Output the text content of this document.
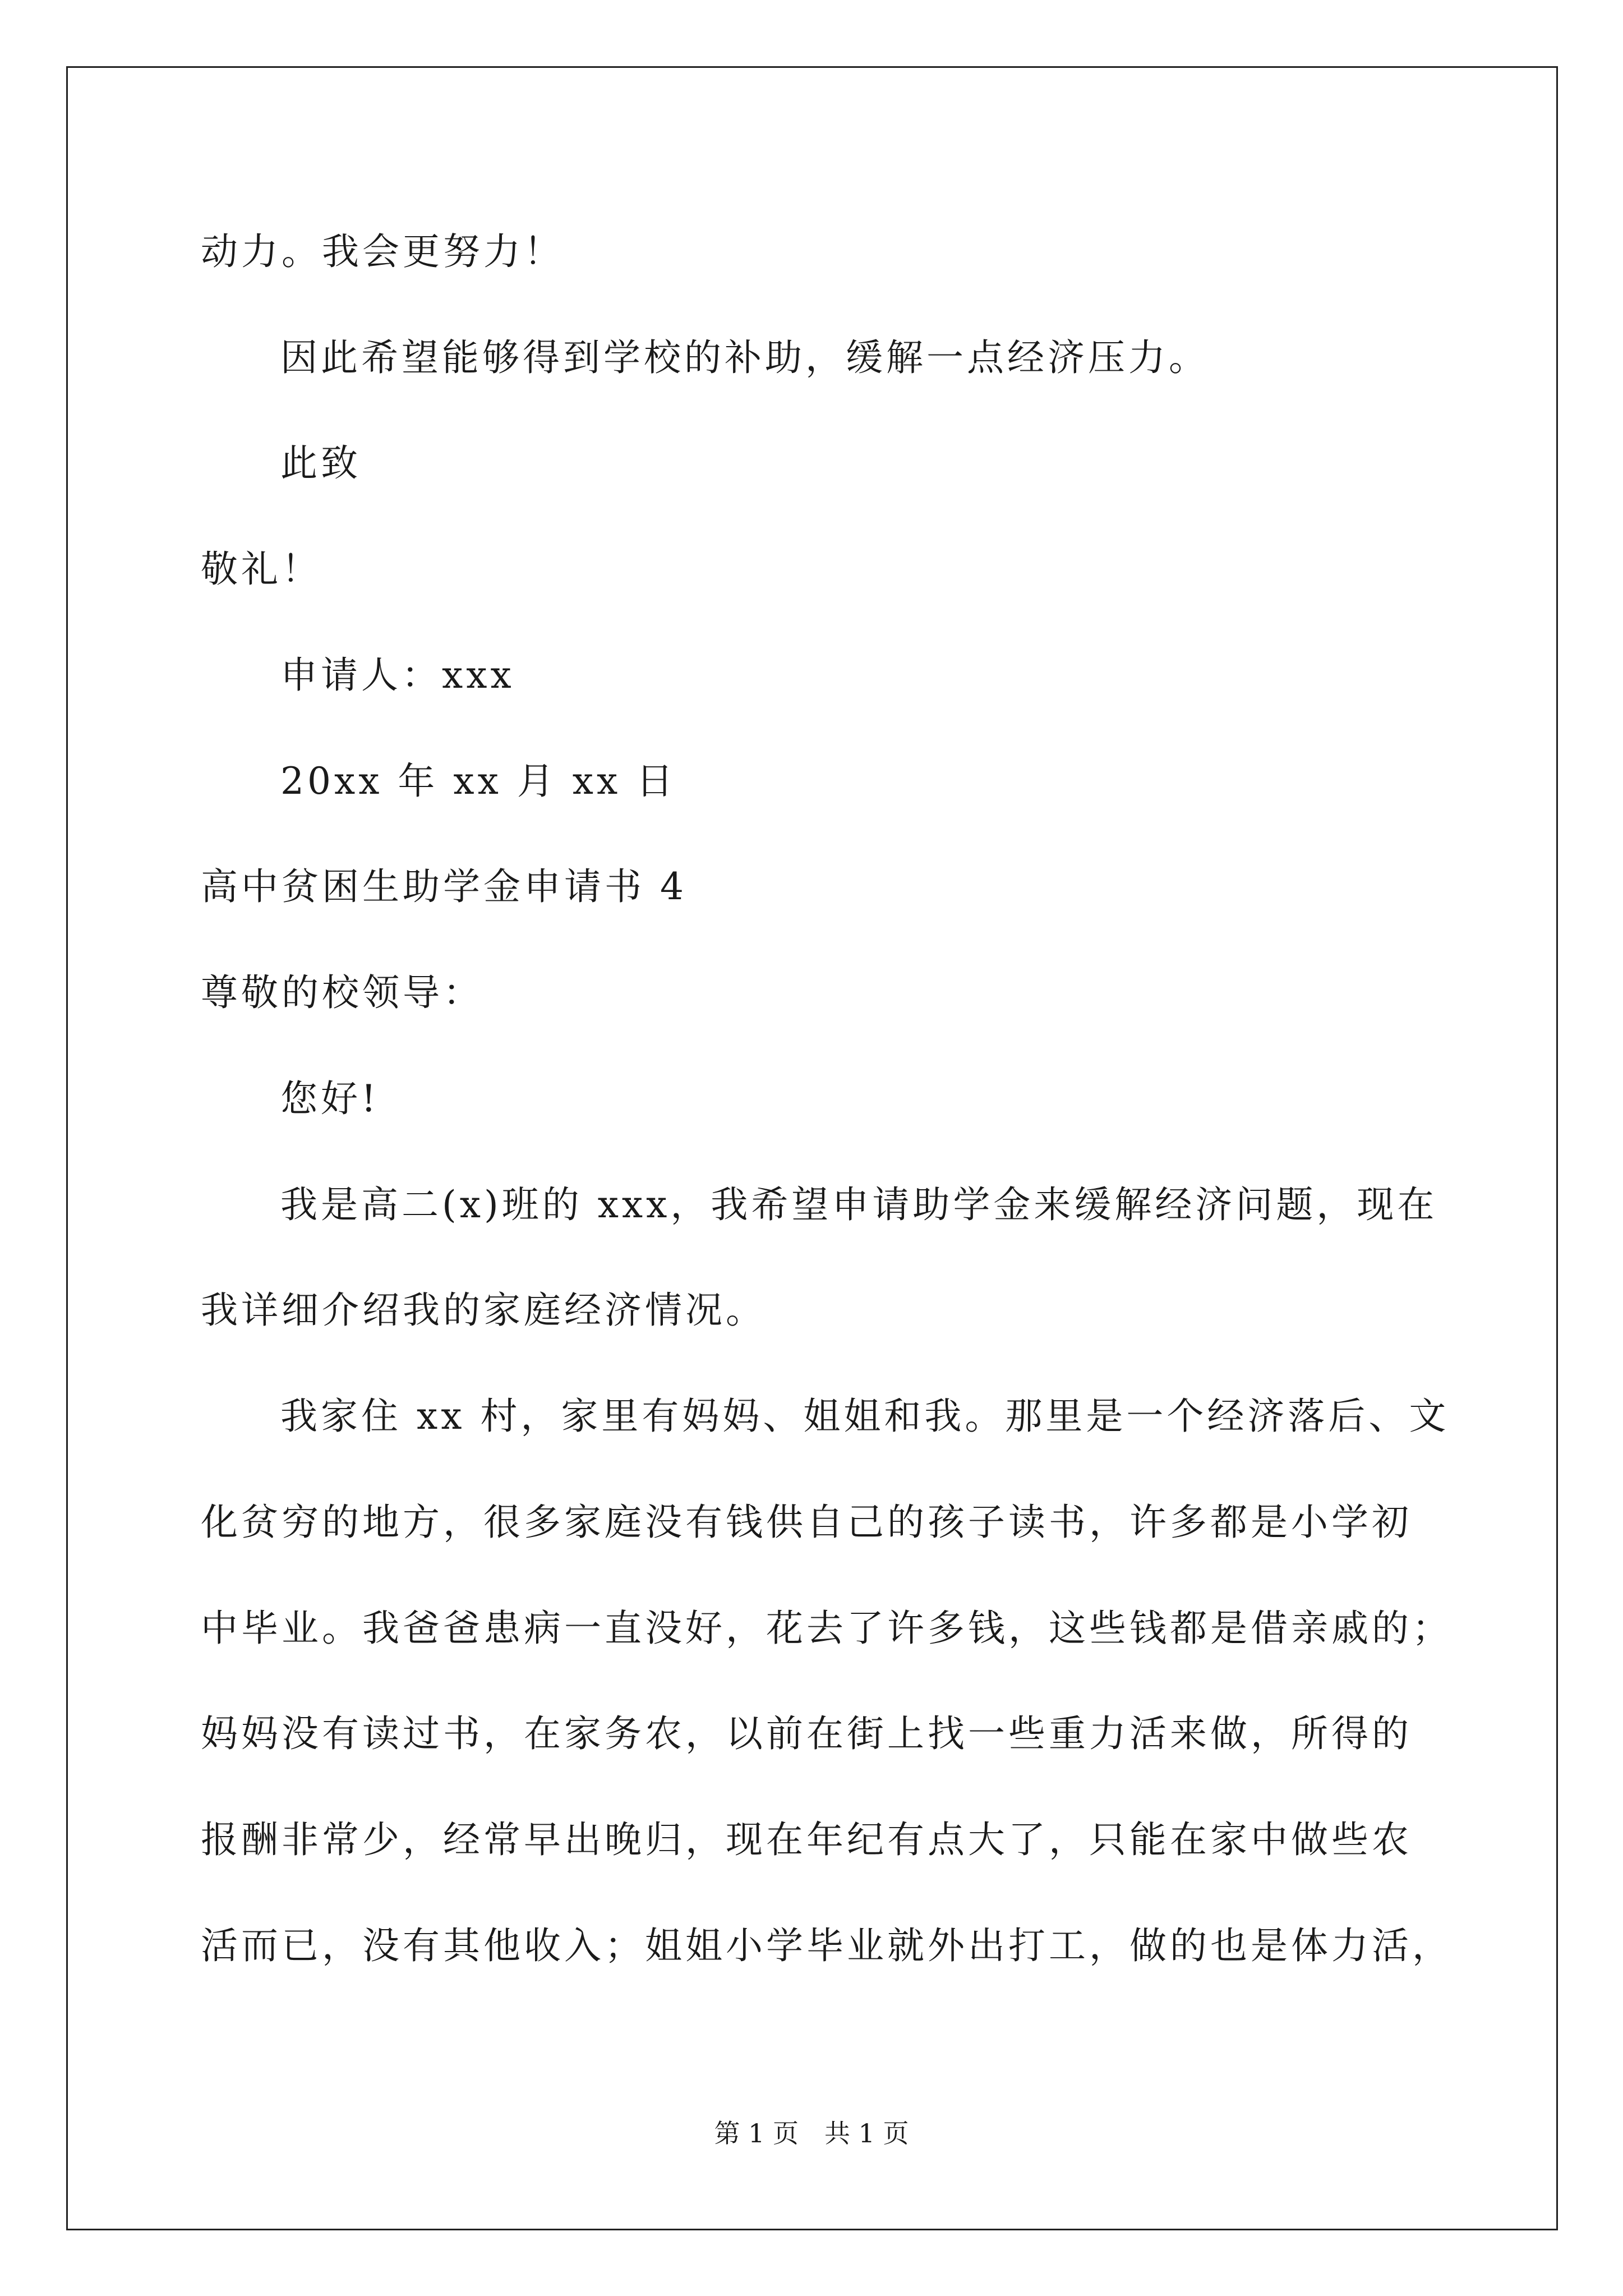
动力。我会更努力！

因此希望能够得到学校的补助，缓解一点经济压力。

此致

敬礼！

申请人：xxx

20xx 年 xx 月 xx 日

高中贫困生助学金申请书 4

尊敬的校领导：

您好!

我是高二(x)班的 xxx，我希望申请助学金来缓解经济问题，现在

我详细介绍我的家庭经济情况。

我家住 xx 村，家里有妈妈、姐姐和我。那里是一个经济落后、文

化贫穷的地方，很多家庭没有钱供自己的孩子读书，许多都是小学初

中毕业。我爸爸患病一直没好，花去了许多钱，这些钱都是借亲戚的；

妈妈没有读过书，在家务农，以前在街上找一些重力活来做，所得的

报酬非常少，经常早出晚归，现在年纪有点大了，只能在家中做些农

活而已，没有其他收入；姐姐小学毕业就外出打工，做的也是体力活，

第 1 页　共 1 页
